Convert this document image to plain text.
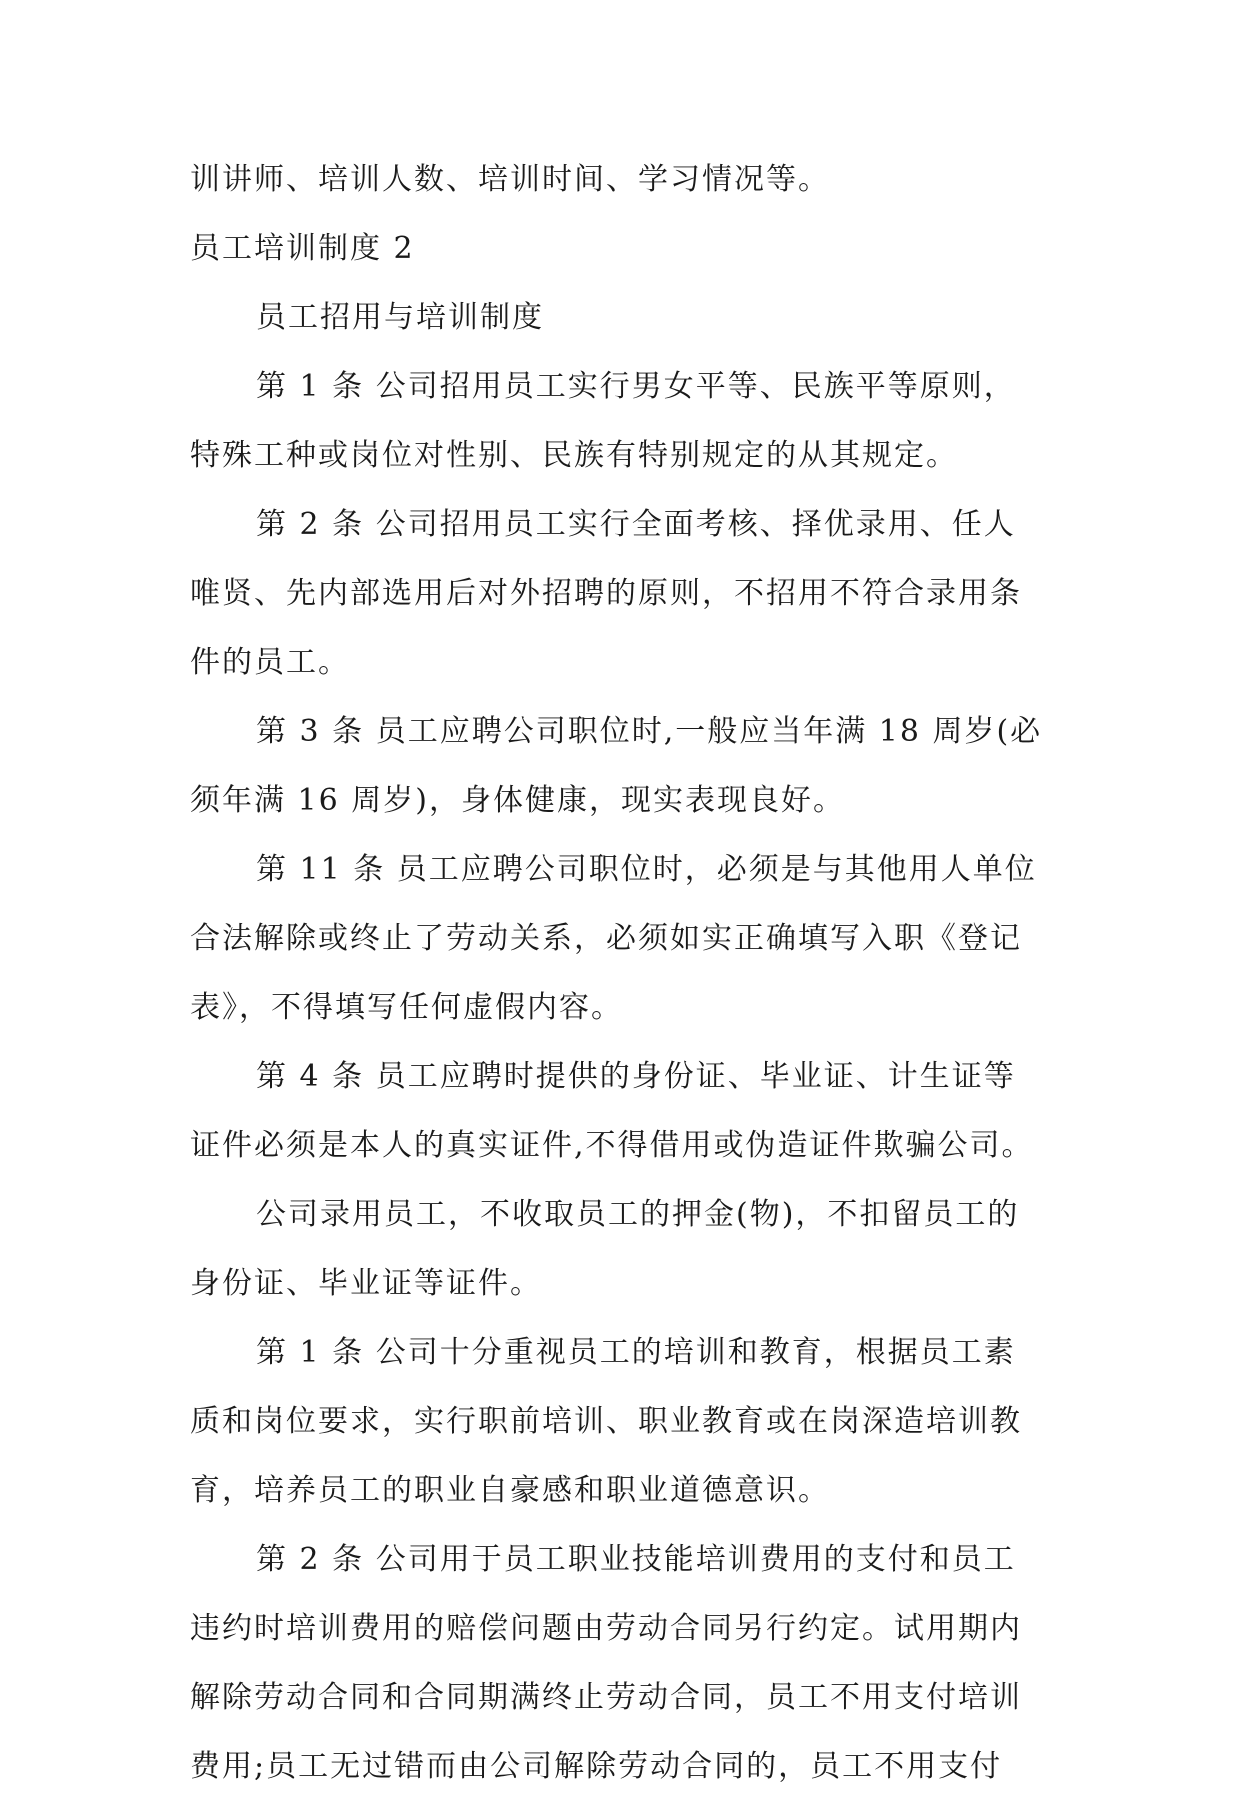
训讲师、培训人数、培训时间、学习情况等。
员工培训制度 2
员工招用与培训制度
第 1 条 公司招用员工实行男女平等、民族平等原则，
特殊工种或岗位对性别、民族有特别规定的从其规定。
第 2 条 公司招用员工实行全面考核、择优录用、任人
唯贤、先内部选用后对外招聘的原则，不招用不符合录用条
件的员工。
第 3 条 员工应聘公司职位时,一般应当年满 18 周岁(必
须年满 16 周岁)，身体健康，现实表现良好。
第 11 条 员工应聘公司职位时，必须是与其他用人单位
合法解除或终止了劳动关系，必须如实正确填写入职《登记
表》，不得填写任何虚假内容。
第 4 条 员工应聘时提供的身份证、毕业证、计生证等
证件必须是本人的真实证件,不得借用或伪造证件欺骗公司。
公司录用员工，不收取员工的押金(物)，不扣留员工的
身份证、毕业证等证件。
第 1 条 公司十分重视员工的培训和教育，根据员工素
质和岗位要求，实行职前培训、职业教育或在岗深造培训教
育，培养员工的职业自豪感和职业道德意识。
第 2 条 公司用于员工职业技能培训费用的支付和员工
违约时培训费用的赔偿问题由劳动合同另行约定。试用期内
解除劳动合同和合同期满终止劳动合同，员工不用支付培训
费用;员工无过错而由公司解除劳动合同的，员工不用支付
